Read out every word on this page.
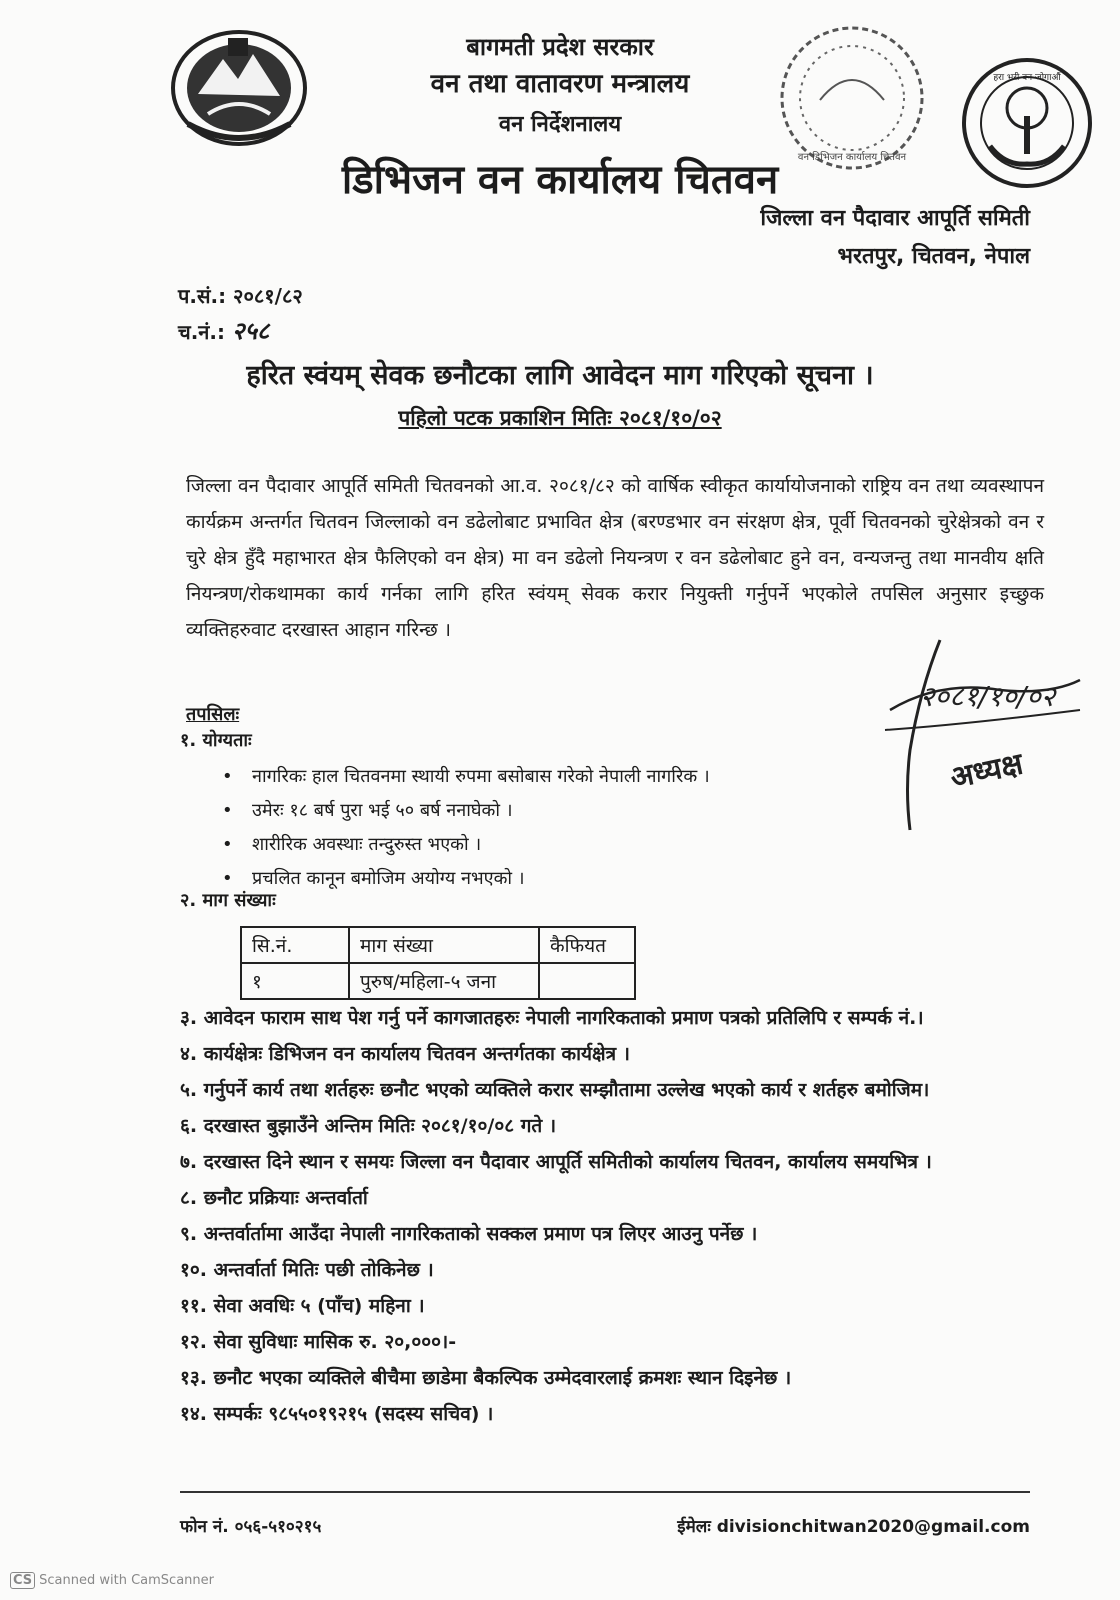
बागमती प्रदेश सरकार
वन तथा वातावरण मन्त्रालय
वन निर्देशनालय
डिभिजन वन कार्यालय चितवन	वन डिभिजन कार्यालय चितवन
हरा भरी वन जोगाऔं
जिल्ला वन पैदावार आपूर्ति समिती
भरतपुर, चितवन, नेपाल
प.सं.: २०८१/८२
च.नं.: २५८
हरित स्वंयम् सेवक छनौटका लागि आवेदन माग गरिएको सूचना ।
पहिलो पटक प्रकाशिन मितिः २०८१/१०/०२
जिल्ला वन पैदावार आपूर्ति समिती चितवनको आ.व. २०८१/८२ को वार्षिक स्वीकृत कार्यायोजनाको राष्ट्रिय वन तथा व्यवस्थापन कार्यक्रम अन्तर्गत चितवन जिल्लाको वन डढेलोबाट प्रभावित क्षेत्र (बरण्डभार वन संरक्षण क्षेत्र, पूर्वी चितवनको चुरेक्षेत्रको वन र चुरे क्षेत्र हुँदै महाभारत क्षेत्र फैलिएको वन क्षेत्र) मा वन डढेलो नियन्त्रण र वन डढेलोबाट हुने वन, वन्यजन्तु तथा मानवीय क्षति नियन्त्रण/रोकथामका कार्य गर्नका लागि हरित स्वंयम् सेवक करार नियुक्ती गर्नुपर्ने भएकोले तपसिल अनुसार इच्छुक व्यक्तिहरुवाट दरखास्त आहान गरिन्छ ।
तपसिलः
१. योग्यताः
• नागरिकः हाल चितवनमा स्थायी रुपमा बसोबास गरेको नेपाली नागरिक ।
• उमेरः १८ बर्ष पुरा भई ५० बर्ष ननाघेको ।
• शारीरिक अवस्थाः तन्दुरुस्त भएको ।
• प्रचलित कानून बमोजिम अयोग्य नभएको ।
२. माग संख्याः
सि.नं.	माग संख्या	कैफियत
१	पुरुष/महिला-५ जना	
३. आवेदन फाराम साथ पेश गर्नु पर्ने कागजातहरुः नेपाली नागरिकताको प्रमाण पत्रको प्रतिलिपि र सम्पर्क नं.।
४. कार्यक्षेत्रः डिभिजन वन कार्यालय चितवन अन्तर्गतका कार्यक्षेत्र ।
५. गर्नुपर्ने कार्य तथा शर्तहरुः छनौट भएको व्यक्तिले करार सम्झौतामा उल्लेख भएको कार्य र शर्तहरु बमोजिम।
६. दरखास्त बुझाउँने अन्तिम मितिः २०८१/१०/०८ गते ।
७. दरखास्त दिने स्थान र समयः जिल्ला वन पैदावार आपूर्ति समितीको कार्यालय चितवन, कार्यालय समयभित्र ।
८. छनौट प्रक्रियाः अन्तर्वार्ता
९. अन्तर्वार्तामा आउँदा नेपाली नागरिकताको सक्कल प्रमाण पत्र लिएर आउनु पर्नेछ ।
१०. अन्तर्वार्ता मितिः पछी तोकिनेछ ।
११. सेवा अवधिः ५ (पाँच) महिना ।
१२. सेवा सुविधाः मासिक रु. २०,०००।-
१३. छनौट भएका व्यक्तिले बीचैमा छाडेमा बैकल्पिक उम्मेदवारलाई क्रमशः स्थान दिइनेछ ।
१४. सम्पर्कः ९८५५०१९२१५ (सदस्य सचिव) ।
२०८१/१०/०२
अध्यक्ष
फोन नं. ०५६-५१०२१५	ईमेलः divisionchitwan2020@gmail.com
CS Scanned with CamScanner
